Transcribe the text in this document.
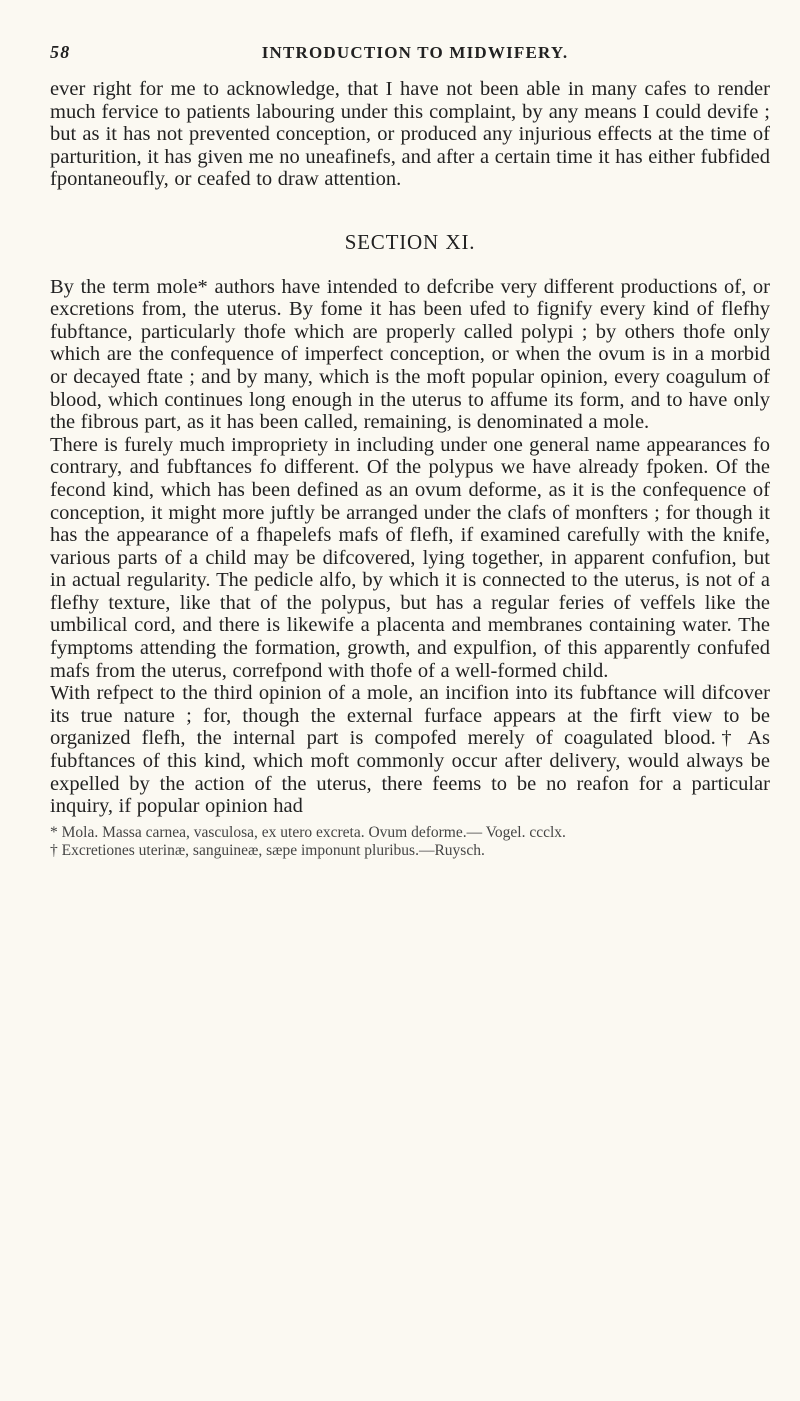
58	INTRODUCTION TO MIDWIFERY.

ever right for me to acknowledge, that I have not been able in many cafes to render much fervice to patients labouring under this complaint, by any means I could devife ; but as it has not prevented conception, or produced any injurious effects at the time of parturition, it has given me no uneafinefs, and after a certain time it has either fubfided fpontaneoufly, or ceafed to draw attention.

SECTION XI.

By the term mole* authors have intended to defcribe very different productions of, or excretions from, the uterus. By fome it has been ufed to fignify every kind of flefhy fubftance, particularly thofe which are properly called polypi ; by others thofe only which are the confequence of imperfect conception, or when the ovum is in a morbid or decayed ftate ; and by many, which is the moft popular opinion, every coagulum of blood, which continues long enough in the uterus to affume its form, and to have only the fibrous part, as it has been called, remaining, is denominated a mole.

There is furely much impropriety in including under one general name appearances fo contrary, and fubftances fo different. Of the polypus we have already fpoken. Of the fecond kind, which has been defined as an ovum deforme, as it is the confequence of conception, it might more juftly be arranged under the clafs of monfters ; for though it has the appearance of a fhapelefs mafs of flefh, if examined carefully with the knife, various parts of a child may be difcovered, lying together, in apparent confufion, but in actual regularity. The pedicle alfo, by which it is connected to the uterus, is not of a flefhy texture, like that of the polypus, but has a regular feries of veffels like the umbilical cord, and there is likewife a placenta and membranes containing water. The fymptoms attending the formation, growth, and expulfion, of this apparently confufed mafs from the uterus, correfpond with thofe of a well-formed child.

With refpect to the third opinion of a mole, an incifion into its fubftance will difcover its true nature ; for, though the external furface appears at the firft view to be organized flefh, the internal part is compofed merely of coagulated blood.† As fubftances of this kind, which moft commonly occur after delivery, would always be expelled by the action of the uterus, there feems to be no reafon for a particular inquiry, if popular opinion had

* Mola. Massa carnea, vasculosa, ex utero excreta. Ovum deforme.— Vogel. ccclx.

† Excretiones uterinæ, sanguineæ, sæpe imponunt pluribus.—Ruysch.
